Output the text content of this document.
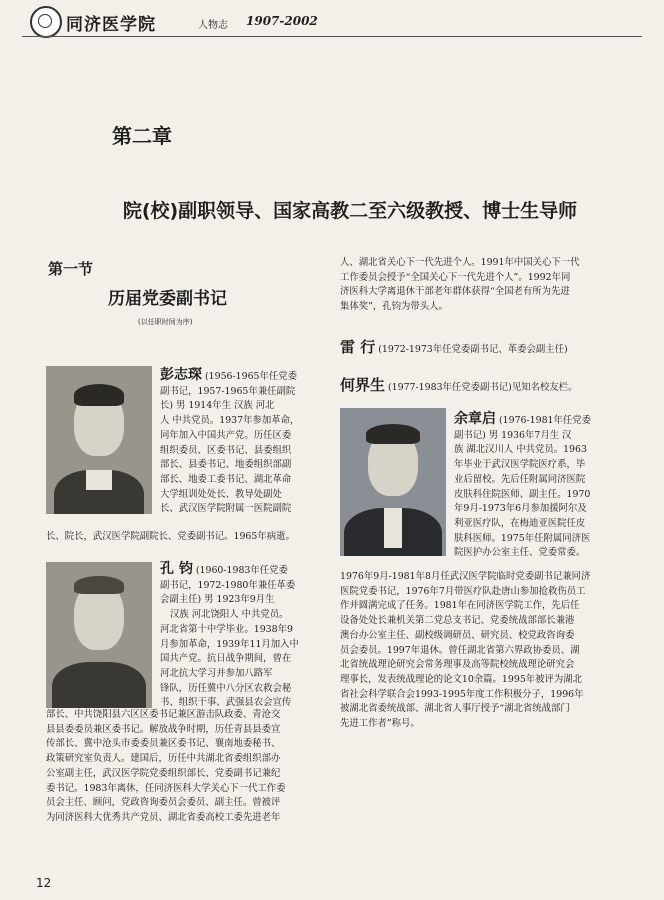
同济医学院	人物志 1907-2002
第二章
院(校)副职领导、国家高教二至六级教授、博士生导师
第一节
历届党委副书记
(以任职时间为序)
彭志琛 (1956-1965年任党委
副书记，1957-1965年兼任副院
长) 男 1914年生 汉族 河北
人 中共党员。1937年参加革命，
同年加入中国共产党。历任区委
组织委员、区委书记、县委组织
部长、县委书记、地委组织部副
部长、地委工委书记、湖北革命
大学组训处处长、教导处副处
长、武汉医学院附属一医院副院
长、院长，武汉医学院副院长、党委副书记。1965年病逝。
孔 钧 (1960-1983年任党委
副书记，1972-1980年兼任革委
会副主任) 男 1923年9月生
汉族 河北饶阳人 中共党员。
河北省第十中学毕业。1938年9
月参加革命，1939年11月加入中
国共产党。抗日战争期间，曾在
河北抗大学习并参加八路军
锋队，历任冀中八分区农救会秘
书、组织干事、武强县农会宣传
部长、中共饶阳县六区区委书记兼区游击队政委、青沧交
县县委委员兼区委书记。解放战争时期，历任青县县委宣
传部长、冀中沧头市委委员兼区委书记、襄南地委秘书、
政策研究室负责人。建国后，历任中共湖北省委组织部办
公室副主任，武汉医学院党委组织部长、党委副书记兼纪
委书记。1983年离休，任同济医科大学关心下一代工作委
员会主任、顾问，党政咨询委员会委员、副主任。曾被评
为同济医科大优秀共产党员、湖北省委高校工委先进老年
人、湖北省关心下一代先进个人。1991年中国关心下一代
工作委员会授予“全国关心下一代先进个人”。1992年同
济医科大学离退休干部老年群体获得“全国老有所为先进
集体奖”，孔钧为带头人。
雷 行 (1972-1973年任党委副书记、革委会副主任)
何界生 (1977-1983年任党委副书记)见知名校友栏。
余章启 (1976-1981年任党委
副书记) 男 1936年7月生 汉
族 湖北汉川人 中共党员。1963
年毕业于武汉医学院医疗系，毕
业后留校。先后任附属同济医院
皮肤科住院医师、副主任。1970
年9月-1973年6月参加援阿尔及
利亚医疗队，在梅迪亚医院任皮
肤科医师。1975年任附属同济医
院医护办公室主任、党委常委。
1976年9月-1981年8月任武汉医学院临时党委副书记兼同济
医院党委书记，1976年7月带医疗队赴唐山参加抢救伤员工
作并圆满完成了任务。1981年在同济医学院工作，先后任
设备处处长兼机关第二党总支书记、党委统战部部长兼港
澳台办公室主任、副校级调研员、研究员、校党政咨询委
员会委员。1997年退休。曾任湖北省第六界政协委员、湖
北省统战理论研究会常务理事及高等院校统战理论研究会
理事长，发表统战理论的论文10余篇。1995年被评为湖北
省社会科学联合会1993-1995年度工作积极分子，1996年
被湖北省委统战部、湖北省人事厅授予“湖北省统战部门
先进工作者”称号。
12
